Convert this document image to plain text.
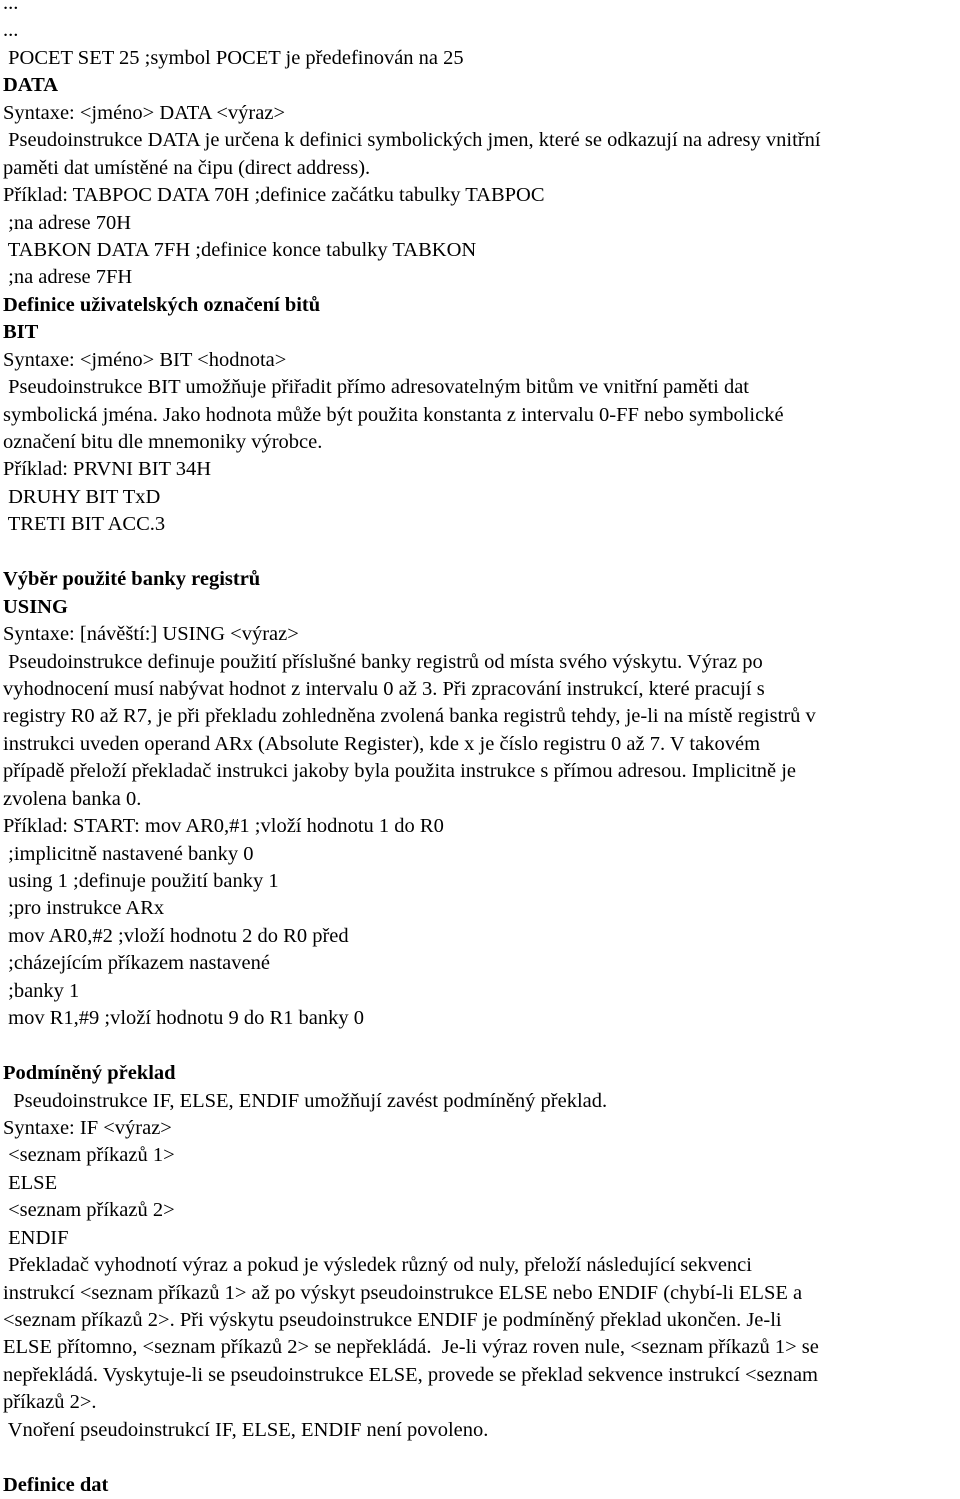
...
...
POCET SET 25 ;symbol POCET je předefinován na 25
DATA
Syntaxe: <jméno> DATA <výraz>
Pseudoinstrukce DATA je určena k definici symbolických jmen, které se odkazují na adresy vnitřní
paměti dat umístěné na čipu (direct address).
Příklad: TABPOC DATA 70H ;definice začátku tabulky TABPOC
;na adrese 70H
TABKON DATA 7FH ;definice konce tabulky TABKON
;na adrese 7FH
Definice uživatelských označení bitů
BIT
Syntaxe: <jméno> BIT <hodnota>
Pseudoinstrukce BIT umožňuje přiřadit přímo adresovatelným bitům ve vnitřní paměti dat
symbolická jména. Jako hodnota může být použita konstanta z intervalu 0-FF nebo symbolické
označení bitu dle mnemoniky výrobce.
Příklad: PRVNI BIT 34H
DRUHY BIT TxD
TRETI BIT ACC.3
Výběr použité banky registrů
USING
Syntaxe: [návěští:] USING <výraz>
Pseudoinstrukce definuje použití příslušné banky registrů od místa svého výskytu. Výraz po
vyhodnocení musí nabývat hodnot z intervalu 0 až 3. Při zpracování instrukcí, které pracují s
registry R0 až R7, je při překladu zohledněna zvolená banka registrů tehdy, je-li na místě registrů v
instrukci uveden operand ARx (Absolute Register), kde x je číslo registru 0 až 7. V takovém
případě přeloží překladač instrukci jakoby byla použita instrukce s přímou adresou. Implicitně je
zvolena banka 0.
Příklad: START: mov AR0,#1 ;vloží hodnotu 1 do R0
;implicitně nastavené banky 0
using 1 ;definuje použití banky 1
;pro instrukce ARx
mov AR0,#2 ;vloží hodnotu 2 do R0 před
;cházejícím příkazem nastavené
;banky 1
mov R1,#9 ;vloží hodnotu 9 do R1 banky 0
Podmíněný překlad
Pseudoinstrukce IF, ELSE, ENDIF umožňují zavést podmíněný překlad.
Syntaxe: IF <výraz>
<seznam příkazů 1>
ELSE
<seznam příkazů 2>
ENDIF
Překladač vyhodnotí výraz a pokud je výsledek různý od nuly, přeloží následující sekvenci
instrukcí <seznam příkazů 1> až po výskyt pseudoinstrukce ELSE nebo ENDIF (chybí-li ELSE a
<seznam příkazů 2>. Při výskytu pseudoinstrukce ENDIF je podmíněný překlad ukončen. Je-li
ELSE přítomno, <seznam příkazů 2> se nepřekládá.  Je-li výraz roven nule, <seznam příkazů 1> se
nepřekládá. Vyskytuje-li se pseudoinstrukce ELSE, provede se překlad sekvence instrukcí <seznam
příkazů 2>.
Vnoření pseudoinstrukcí IF, ELSE, ENDIF není povoleno.
Definice dat
